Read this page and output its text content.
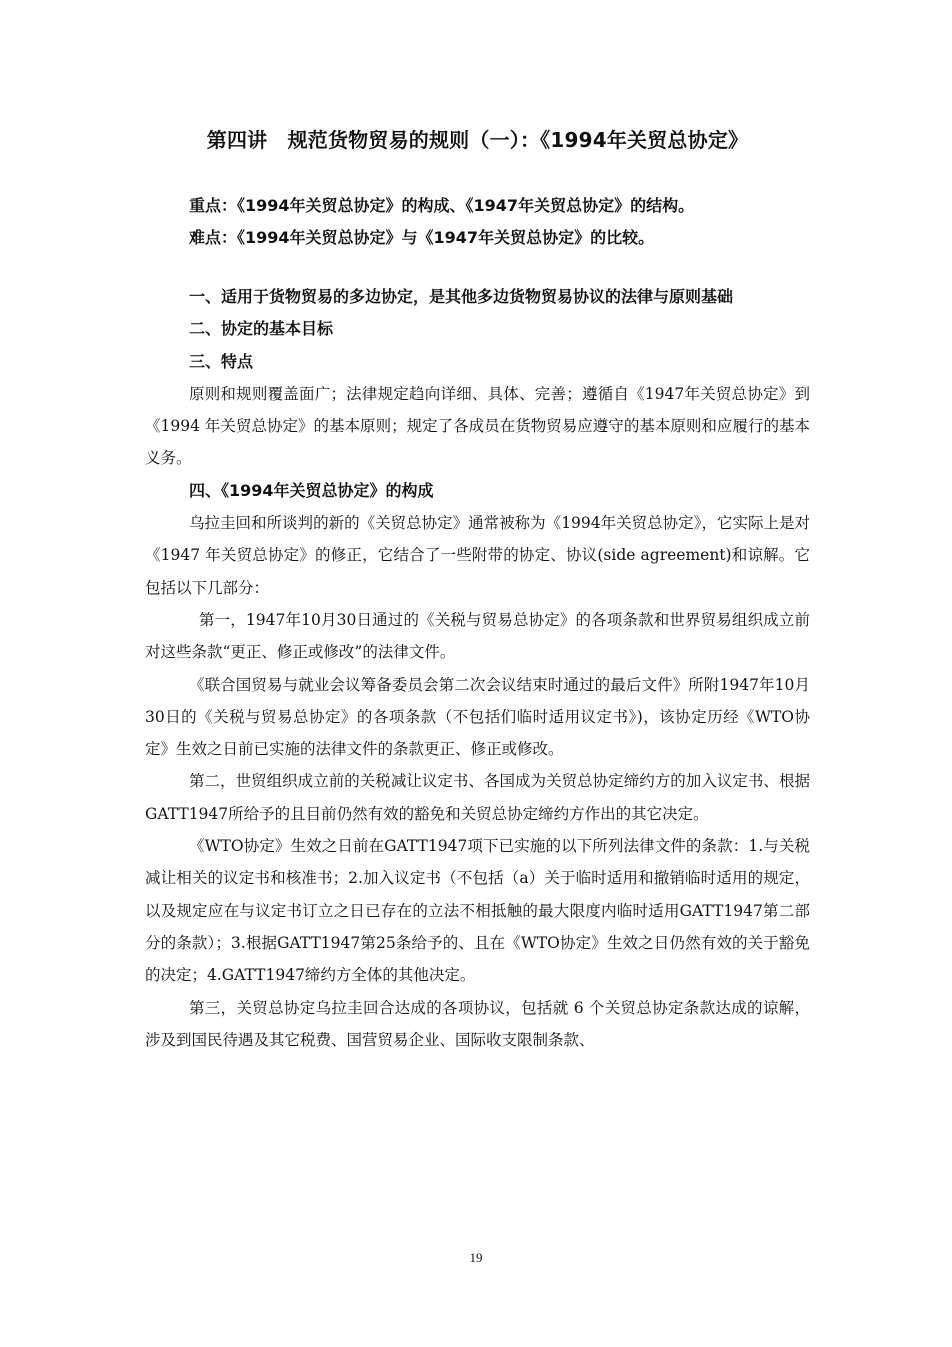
第四讲　规范货物贸易的规则（一）：《1994年关贸总协定》

重点：《1994年关贸总协定》的构成、《1947年关贸总协定》的结构。

难点：《1994年关贸总协定》与《1947年关贸总协定》的比较。

一、适用于货物贸易的多边协定，是其他多边货物贸易协议的法律与原则基础

二、协定的基本目标

三、特点

原则和规则覆盖面广；法律规定趋向详细、具体、完善；遵循自《1947年关贸总协定》到《1994 年关贸总协定》的基本原则；规定了各成员在货物贸易应遵守的基本原则和应履行的基本义务。

四、《1994年关贸总协定》的构成

乌拉圭回和所谈判的新的《关贸总协定》通常被称为《1994年关贸总协定》，它实际上是对《1947 年关贸总协定》的修正，它结合了一些附带的协定、协议(side agreement)和谅解。它包括以下几部分：

第一，1947年10月30日通过的《关税与贸易总协定》的各项条款和世界贸易组织成立前对这些条款“更正、修正或修改”的法律文件。

《联合国贸易与就业会议筹备委员会第二次会议结束时通过的最后文件》所附1947年10月30日的《关税与贸易总协定》的各项条款（不包括们临时适用议定书》)，该协定历经《WTO协定》生效之日前已实施的法律文件的条款更正、修正或修改。

第二，世贸组织成立前的关税减让议定书、各国成为关贸总协定缔约方的加入议定书、根据GATT1947所给予的且目前仍然有效的豁免和关贸总协定缔约方作出的其它决定。

《WTO协定》生效之日前在GATT1947项下已实施的以下所列法律文件的条款：1.与关税减让相关的议定书和核准书；2.加入议定书（不包括（a）关于临时适用和撤销临时适用的规定，以及规定应在与议定书订立之日已存在的立法不相抵触的最大限度内临时适用GATT1947第二部分的条款）；3.根据GATT1947第25条给予的、且在《WTO协定》生效之日仍然有效的关于豁免的决定；4.GATT1947缔约方全体的其他决定。

第三，关贸总协定乌拉圭回合达成的各项协议，包括就 6 个关贸总协定条款达成的谅解，涉及到国民待遇及其它税费、国营贸易企业、国际收支限制条款、

19
